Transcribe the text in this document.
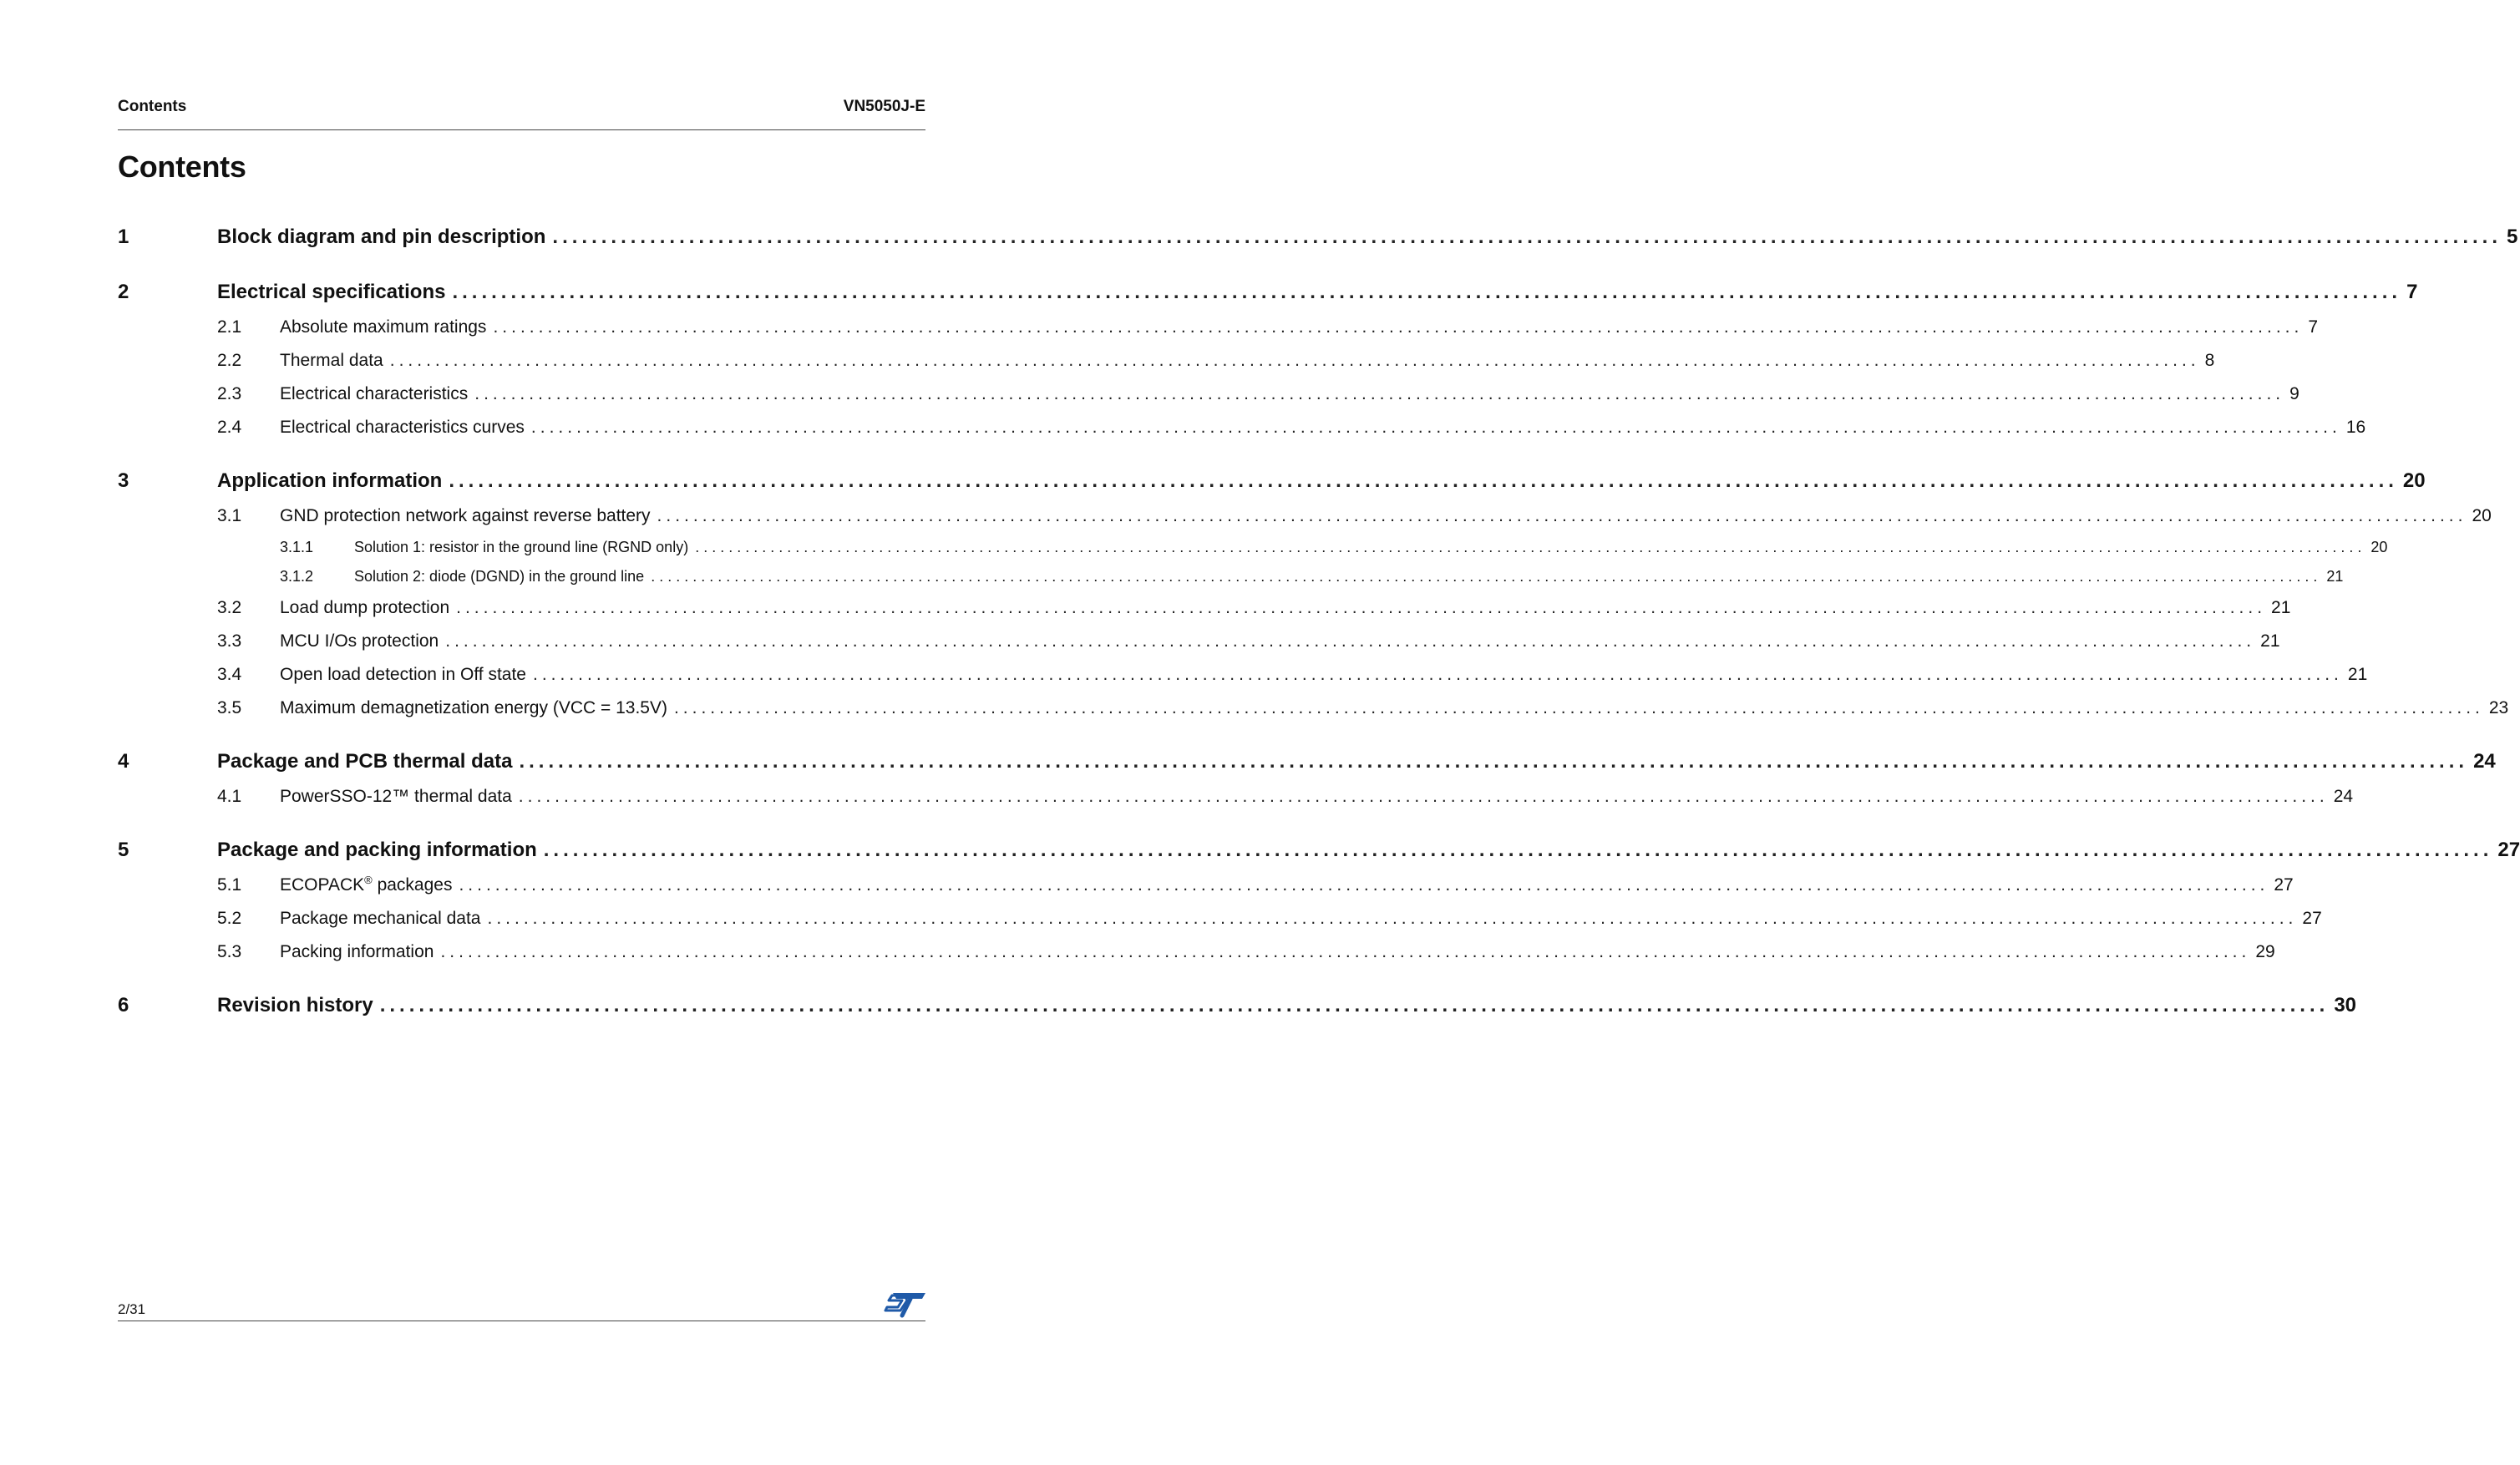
Contents	VN5050J-E
Contents
1	Block diagram and pin description ........................................................................................................................................................................................................ 5
2	Electrical specifications ........................................................................................................................................................................................................ 7
2.1	Absolute maximum ratings ........................................................................................................................................................................................................ 7
2.2	Thermal data ........................................................................................................................................................................................................ 8
2.3	Electrical characteristics ........................................................................................................................................................................................................ 9
2.4	Electrical characteristics curves ........................................................................................................................................................................................................ 16
3	Application information ........................................................................................................................................................................................................ 20
3.1	GND protection network against reverse battery ........................................................................................................................................................................................................ 20
3.1.1	Solution 1: resistor in the ground line (RGND only) ........................................................................................................................................................................................................ 20
3.1.2	Solution 2: diode (DGND) in the ground line ........................................................................................................................................................................................................ 21
3.2	Load dump protection ........................................................................................................................................................................................................ 21
3.3	MCU I/Os protection ........................................................................................................................................................................................................ 21
3.4	Open load detection in Off state ........................................................................................................................................................................................................ 21
3.5	Maximum demagnetization energy (VCC = 13.5V) ........................................................................................................................................................................................................ 23
4	Package and PCB thermal data ........................................................................................................................................................................................................ 24
4.1	PowerSSO-12™ thermal data ........................................................................................................................................................................................................ 24
5	Package and packing information ........................................................................................................................................................................................................ 27
5.1	ECOPACK® packages ........................................................................................................................................................................................................ 27
5.2	Package mechanical data ........................................................................................................................................................................................................ 27
5.3	Packing information ........................................................................................................................................................................................................ 29
6	Revision history ........................................................................................................................................................................................................ 30
2/31
